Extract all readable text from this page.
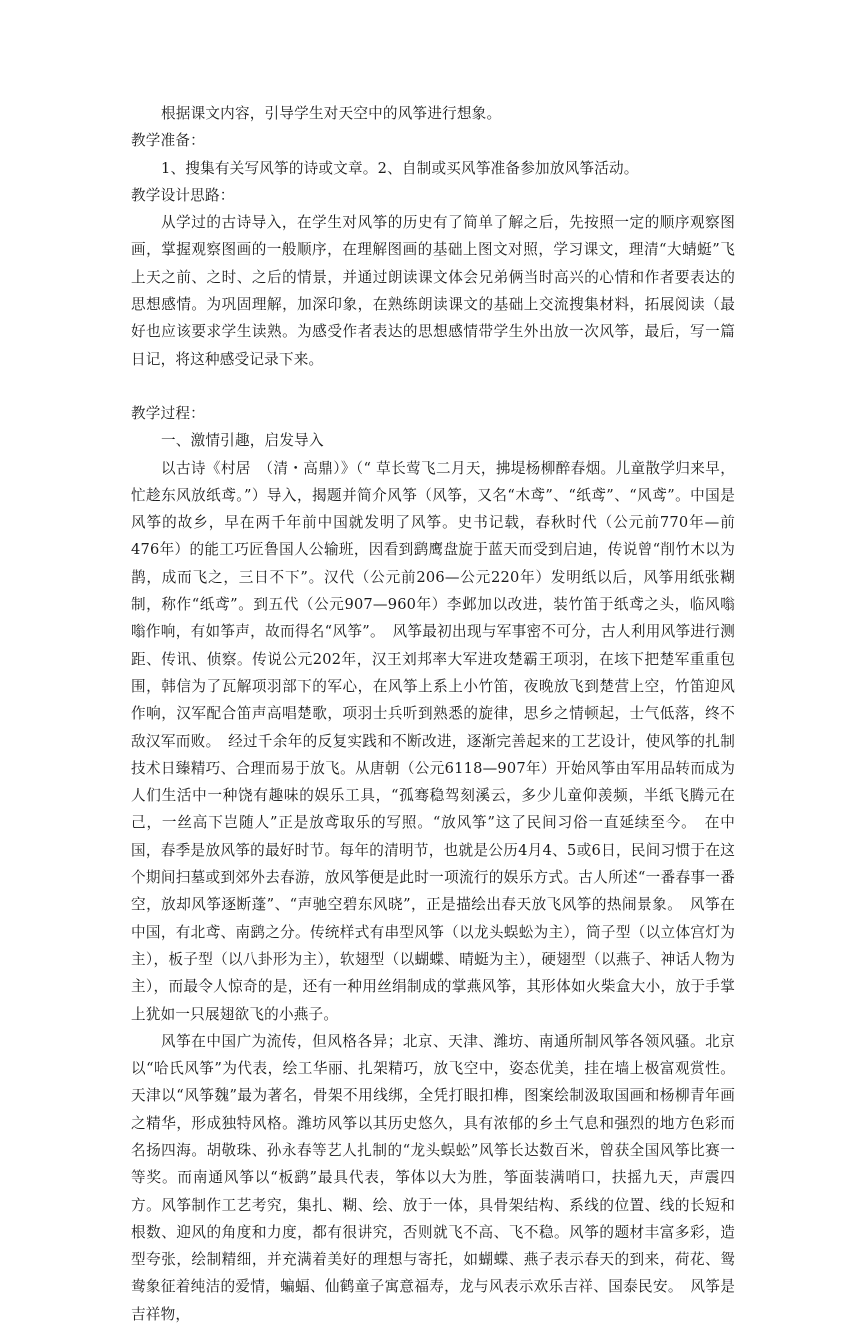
根据课文内容，引导学生对天空中的风筝进行想象。

教学准备：

1、搜集有关写风筝的诗或文章。2、自制或买风筝准备参加放风筝活动。

教学设计思路：

从学过的古诗导入，在学生对风筝的历史有了简单了解之后，先按照一定的顺序观察图画，掌握观察图画的一般顺序，在理解图画的基础上图文对照，学习课文，理清“大蜻蜓”飞上天之前、之时、之后的情景，并通过朗读课文体会兄弟俩当时高兴的心情和作者要表达的思想感情。为巩固理解，加深印象，在熟练朗读课文的基础上交流搜集材料，拓展阅读（最好也应该要求学生读熟。为感受作者表达的思想感情带学生外出放一次风筝，最后，写一篇日记，将这种感受记录下来。

教学过程：

一、激情引趣，启发导入

以古诗《村居　（清・高鼎）》（“ 草长莺飞二月天，拂堤杨柳醉春烟。儿童散学归来早，忙趁东风放纸鸢。”）导入，揭题并简介风筝（风筝，又名“木鸢”、“纸鸢”、“风鸢”。中国是风筝的故乡，早在两千年前中国就发明了风筝。史书记载，春秋时代（公元前770年—前476年）的能工巧匠鲁国人公输班，因看到鹞鹰盘旋于蓝天而受到启迪，传说曾“削竹木以为鹊，成而飞之，三日不下”。汉代（公元前206—公元220年）发明纸以后，风筝用纸张糊制，称作“纸鸢”。到五代（公元907—960年）李邺加以改进，装竹笛于纸鸢之头，临风嗡嗡作响，有如筝声，故而得名“风筝”。　风筝最初出现与军事密不可分，古人利用风筝进行测距、传讯、侦察。传说公元202年，汉王刘邦率大军进攻楚霸王项羽，在垓下把楚军重重包围，韩信为了瓦解项羽部下的军心，在风筝上系上小竹笛，夜晚放飞到楚营上空，竹笛迎风作响，汉军配合笛声高唱楚歌，项羽士兵听到熟悉的旋律，思乡之情顿起，士气低落，终不敌汉军而败。　经过千余年的反复实践和不断改进，逐渐完善起来的工艺设计，使风筝的扎制技术日臻精巧、合理而易于放飞。从唐朝（公元6118—907年）开始风筝由军用品转而成为人们生活中一种饶有趣味的娱乐工具，“孤骞稳驾刻溪云，多少儿童仰羡频，半纸飞腾元在己，一丝高下岂随人”正是放鸢取乐的写照。“放风筝”这了民间习俗一直延续至今。　在中国，春季是放风筝的最好时节。每年的清明节，也就是公历4月4、5或6日，民间习惯于在这个期间扫墓或到郊外去春游，放风筝便是此时一项流行的娱乐方式。古人所述“一番春事一番空，放却风筝逐断蓬”、“声驰空碧东风晓”，正是描绘出春天放飞风筝的热闹景象。　风筝在中国，有北鸢、南鹞之分。传统样式有串型风筝（以龙头蜈蚣为主），筒子型（以立体宫灯为主），板子型（以八卦形为主），软翅型（以蝴蝶、晴蜓为主），硬翅型（以燕子、神话人物为主），而最令人惊奇的是，还有一种用丝绢制成的掌燕风筝，其形体如火柴盒大小，放于手掌上犹如一只展翅欲飞的小燕子。

风筝在中国广为流传，但风格各异；北京、天津、潍坊、南通所制风筝各领风骚。北京以“哈氏风筝”为代表，绘工华丽、扎架精巧，放飞空中，姿态优美，挂在墙上极富观赏性。天津以“风筝魏”最为著名，骨架不用线绑，全凭打眼扣榫，图案绘制汲取国画和杨柳青年画之精华，形成独特风格。潍坊风筝以其历史悠久，具有浓郁的乡土气息和强烈的地方色彩而名扬四海。胡敬珠、孙永春等艺人扎制的“龙头蜈蚣”风筝长达数百米，曾获全国风筝比赛一等奖。而南通风筝以“板鹞”最具代表，筝体以大为胜，筝面装满哨口，扶摇九天，声震四方。风筝制作工艺考究，集扎、糊、绘、放于一体，具骨架结构、系线的位置、线的长短和根数、迎风的角度和力度，都有很讲究，否则就飞不高、飞不稳。风筝的题材丰富多彩，造型夸张，绘制精细，并充满着美好的理想与寄托，如蝴蝶、燕子表示春天的到来，荷花、鸳鸯象征着纯洁的爱情，蝙蝠、仙鹤童子寓意福寿，龙与风表示欢乐吉祥、国泰民安。　风筝是吉祥物，
